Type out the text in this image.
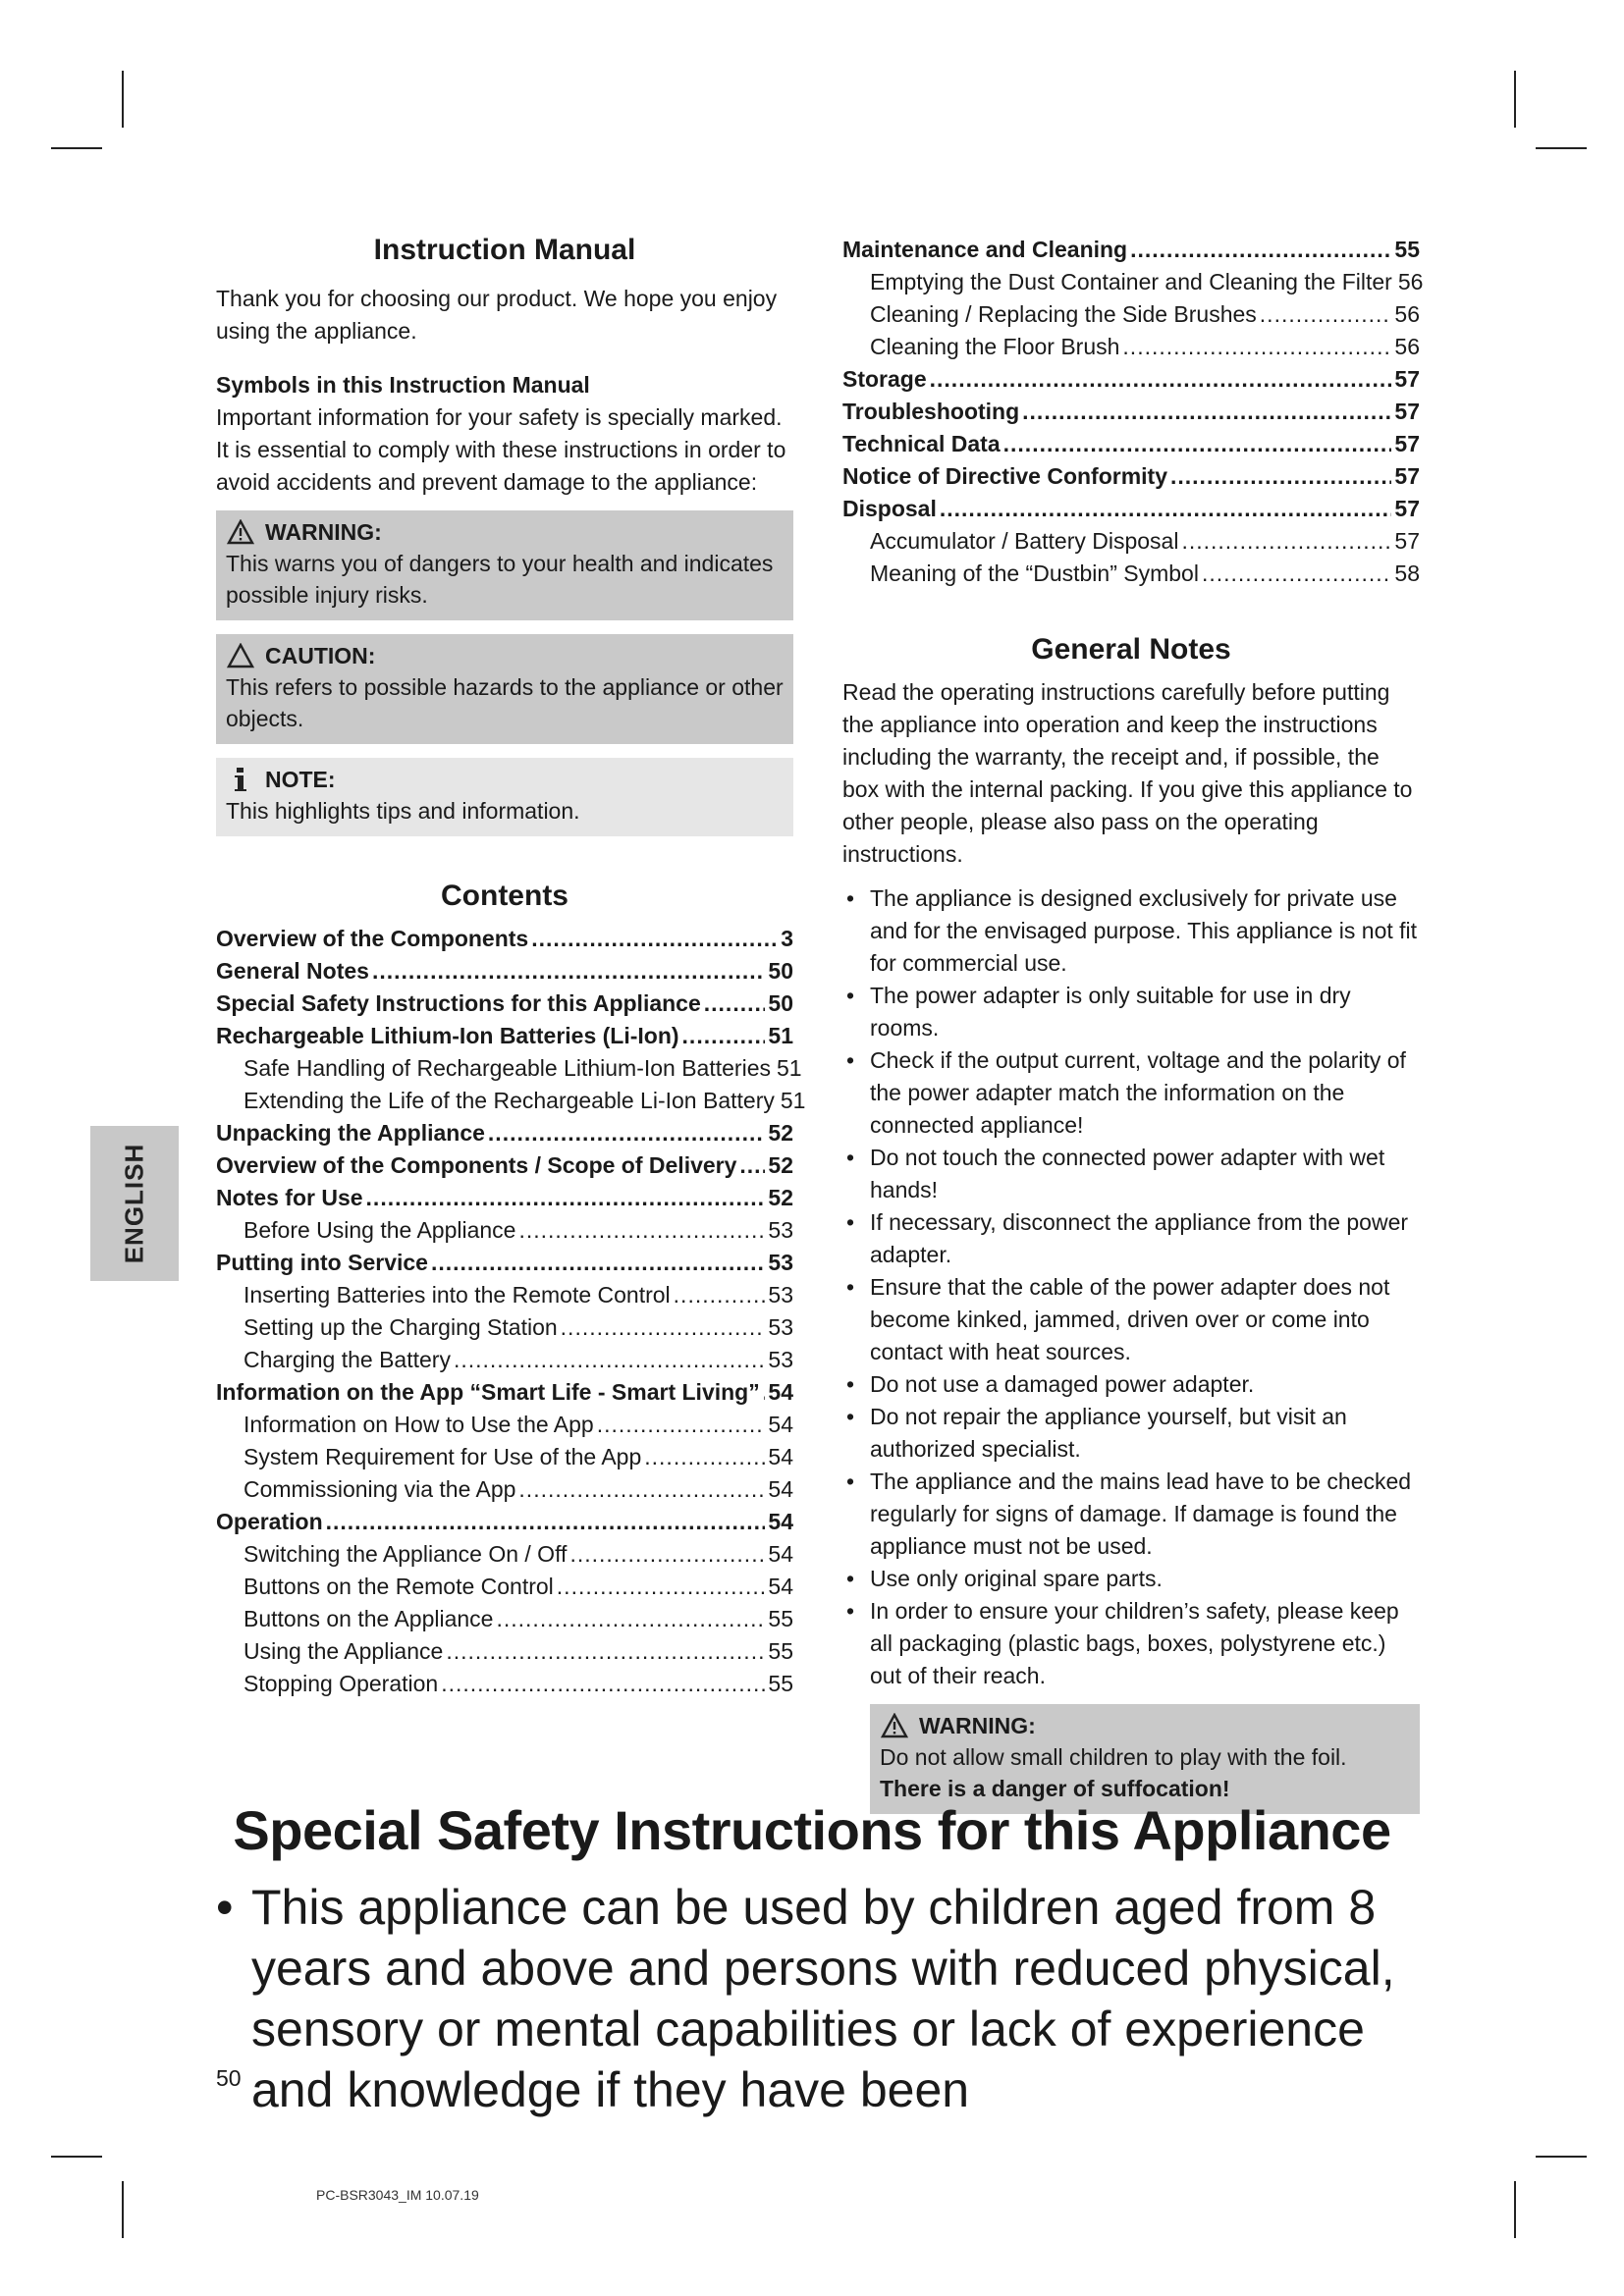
ENGLISH
Instruction Manual
Thank you for choosing our product. We hope you enjoy using the appliance.
Symbols in this Instruction Manual
Important information for your safety is specially marked.
It is essential to comply with these instructions in order to avoid accidents and prevent damage to the appliance:
WARNING:
This warns you of dangers to your health and indicates possible injury risks.
CAUTION:
This refers to possible hazards to the appliance or other objects.
NOTE:
This highlights tips and information.
Contents
Overview of the Components .....	3
General Notes .....	50
Special Safety Instructions for this Appliance .....	50
Rechargeable Lithium-Ion Batteries (Li-Ion) .....	51
Safe Handling of Rechargeable Lithium-Ion Batteries 51
Extending the Life of the Rechargeable Li-Ion Battery 51
Unpacking the Appliance .....	52
Overview of the Components / Scope of Delivery ..... 52
Notes for Use .....	52
Before Using the Appliance .....	53
Putting into Service .....	53
Inserting Batteries into the Remote Control .....	53
Setting up the Charging Station .....	53
Charging the Battery .....	53
Information on the App “Smart Life - Smart Living” ..... 54
Information on How to Use the App .....	54
System Requirement for Use of the App .....	54
Commissioning via the App .....	54
Operation .....	54
Switching the Appliance On / Off .....	54
Buttons on the Remote Control .....	54
Buttons on the Appliance .....	55
Using the Appliance .....	55
Stopping Operation .....	55
Maintenance and Cleaning .....	55
Emptying the Dust Container and Cleaning the Filter 56
Cleaning / Replacing the Side Brushes .....	56
Cleaning the Floor Brush .....	56
Storage .....	57
Troubleshooting .....	57
Technical Data .....	57
Notice of Directive Conformity .....	57
Disposal .....	57
Accumulator / Battery Disposal .....	57
Meaning of the “Dustbin” Symbol .....	58
General Notes
Read the operating instructions carefully before putting the appliance into operation and keep the instructions including the warranty, the receipt and, if possible, the box with the internal packing. If you give this appliance to other people, please also pass on the operating instructions.
• The appliance is designed exclusively for private use and for the envisaged purpose. This appliance is not fit for commercial use.
• The power adapter is only suitable for use in dry rooms.
• Check if the output current, voltage and the polarity of the power adapter match the information on the connected appliance!
• Do not touch the connected power adapter with wet hands!
• If necessary, disconnect the appliance from the power adapter.
• Ensure that the cable of the power adapter does not become kinked, jammed, driven over or come into contact with heat sources.
• Do not use a damaged power adapter.
• Do not repair the appliance yourself, but visit an authorized specialist.
• The appliance and the mains lead have to be checked regularly for signs of damage. If damage is found the appliance must not be used.
• Use only original spare parts.
• In order to ensure your children’s safety, please keep all packaging (plastic bags, boxes, polystyrene etc.) out of their reach.
WARNING:
Do not allow small children to play with the foil. There is a danger of suffocation!
Special Safety Instructions for this Appliance
• This appliance can be used by children aged from 8 years and above and persons with reduced physical, sensory or mental capabilities or lack of experience and knowledge if they have been
50
PC-BSR3043_IM 10.07.19
